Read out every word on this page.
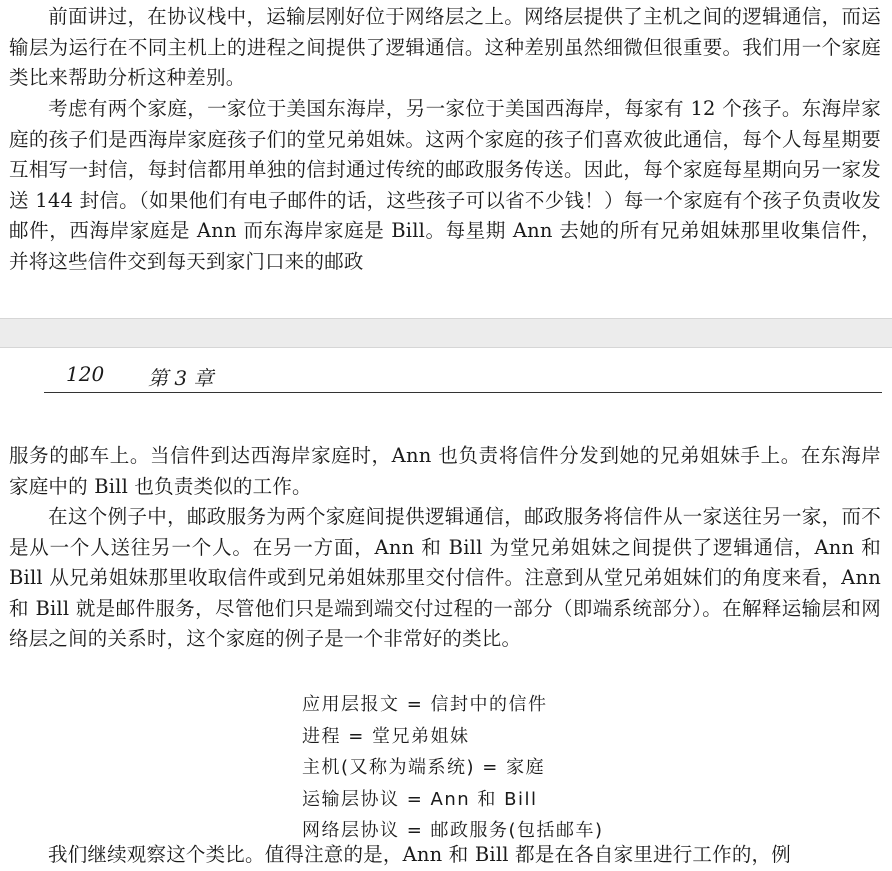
前面讲过，在协议栈中，运输层刚好位于网络层之上。网络层提供了主机之间的逻辑通信，而运输层为运行在不同主机上的进程之间提供了逻辑通信。这种差别虽然细微但很重要。我们用一个家庭类比来帮助分析这种差别。

考虑有两个家庭，一家位于美国东海岸，另一家位于美国西海岸，每家有 12 个孩子。东海岸家庭的孩子们是西海岸家庭孩子们的堂兄弟姐妹。这两个家庭的孩子们喜欢彼此通信，每个人每星期要互相写一封信，每封信都用单独的信封通过传统的邮政服务传送。因此，每个家庭每星期向另一家发送 144 封信。（如果他们有电子邮件的话，这些孩子可以省不少钱！）每一个家庭有个孩子负责收发邮件，西海岸家庭是 Ann 而东海岸家庭是 Bill。每星期 Ann 去她的所有兄弟姐妹那里收集信件，并将这些信件交到每天到家门口来的邮政

120 第 3 章

服务的邮车上。当信件到达西海岸家庭时，Ann 也负责将信件分发到她的兄弟姐妹手上。在东海岸家庭中的 Bill 也负责类似的工作。

在这个例子中，邮政服务为两个家庭间提供逻辑通信，邮政服务将信件从一家送往另一家，而不是从一个人送往另一个人。在另一方面，Ann 和 Bill 为堂兄弟姐妹之间提供了逻辑通信，Ann 和 Bill 从兄弟姐妹那里收取信件或到兄弟姐妹那里交付信件。注意到从堂兄弟姐妹们的角度来看，Ann 和 Bill 就是邮件服务，尽管他们只是端到端交付过程的一部分（即端系统部分）。在解释运输层和网络层之间的关系时，这个家庭的例子是一个非常好的类比。

应用层报文 = 信封中的信件
进程 = 堂兄弟姐妹
主机(又称为端系统) = 家庭
运输层协议 = Ann 和 Bill
网络层协议 = 邮政服务(包括邮车)

我们继续观察这个类比。值得注意的是，Ann 和 Bill 都是在各自家里进行工作的，例
